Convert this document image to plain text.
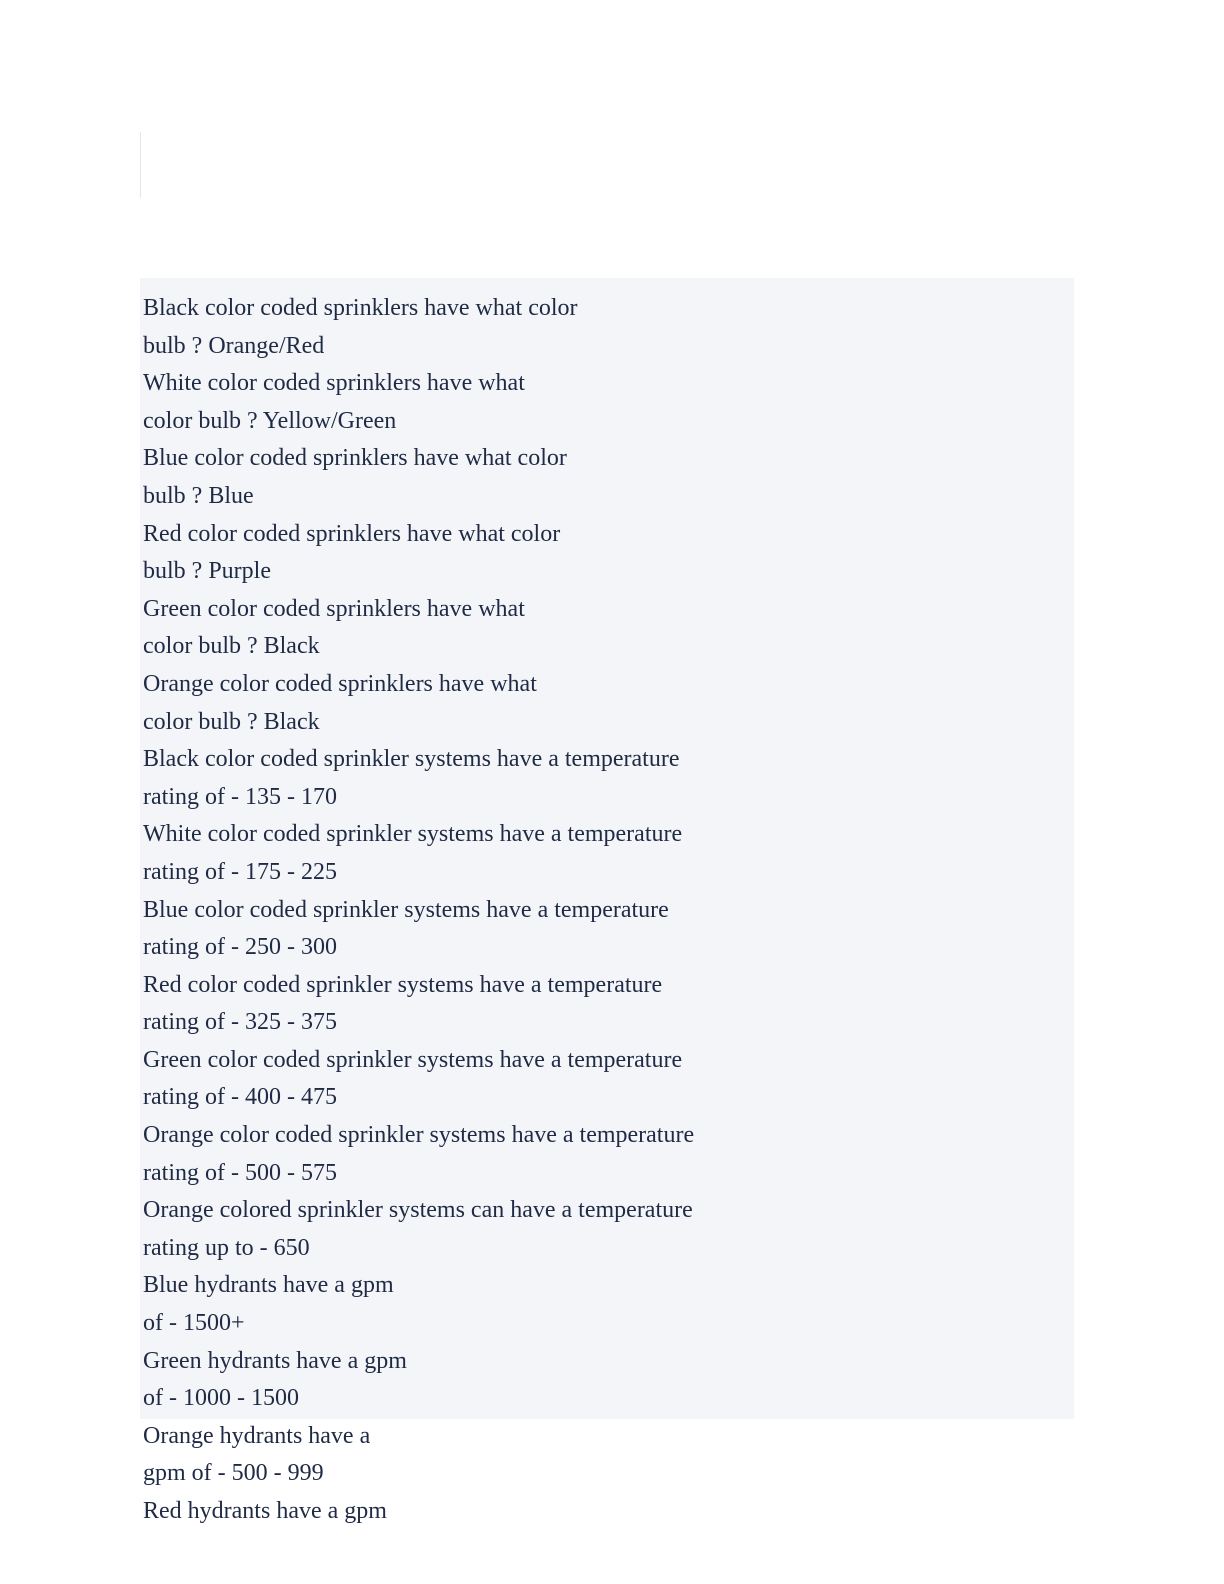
Black color coded sprinklers have what color
bulb ? Orange/Red
White color coded sprinklers have what
color bulb ? Yellow/Green
Blue color coded sprinklers have what color
bulb ? Blue
Red color coded sprinklers have what color
bulb ? Purple
Green color coded sprinklers have what
color bulb ? Black
Orange color coded sprinklers have what
color bulb ? Black
Black color coded sprinkler systems have a temperature
rating of - 135 - 170
White color coded sprinkler systems have a temperature
rating of - 175 - 225
Blue color coded sprinkler systems have a temperature
rating of - 250 - 300
Red color coded sprinkler systems have a temperature
rating of - 325 - 375
Green color coded sprinkler systems have a temperature
rating of - 400 - 475
Orange color coded sprinkler systems have a temperature
rating of - 500 - 575
Orange colored sprinkler systems can have a temperature
rating up to - 650
Blue hydrants have a gpm
of - 1500+
Green hydrants have a gpm
of - 1000 - 1500
Orange hydrants have a
gpm of - 500 - 999
Red hydrants have a gpm
